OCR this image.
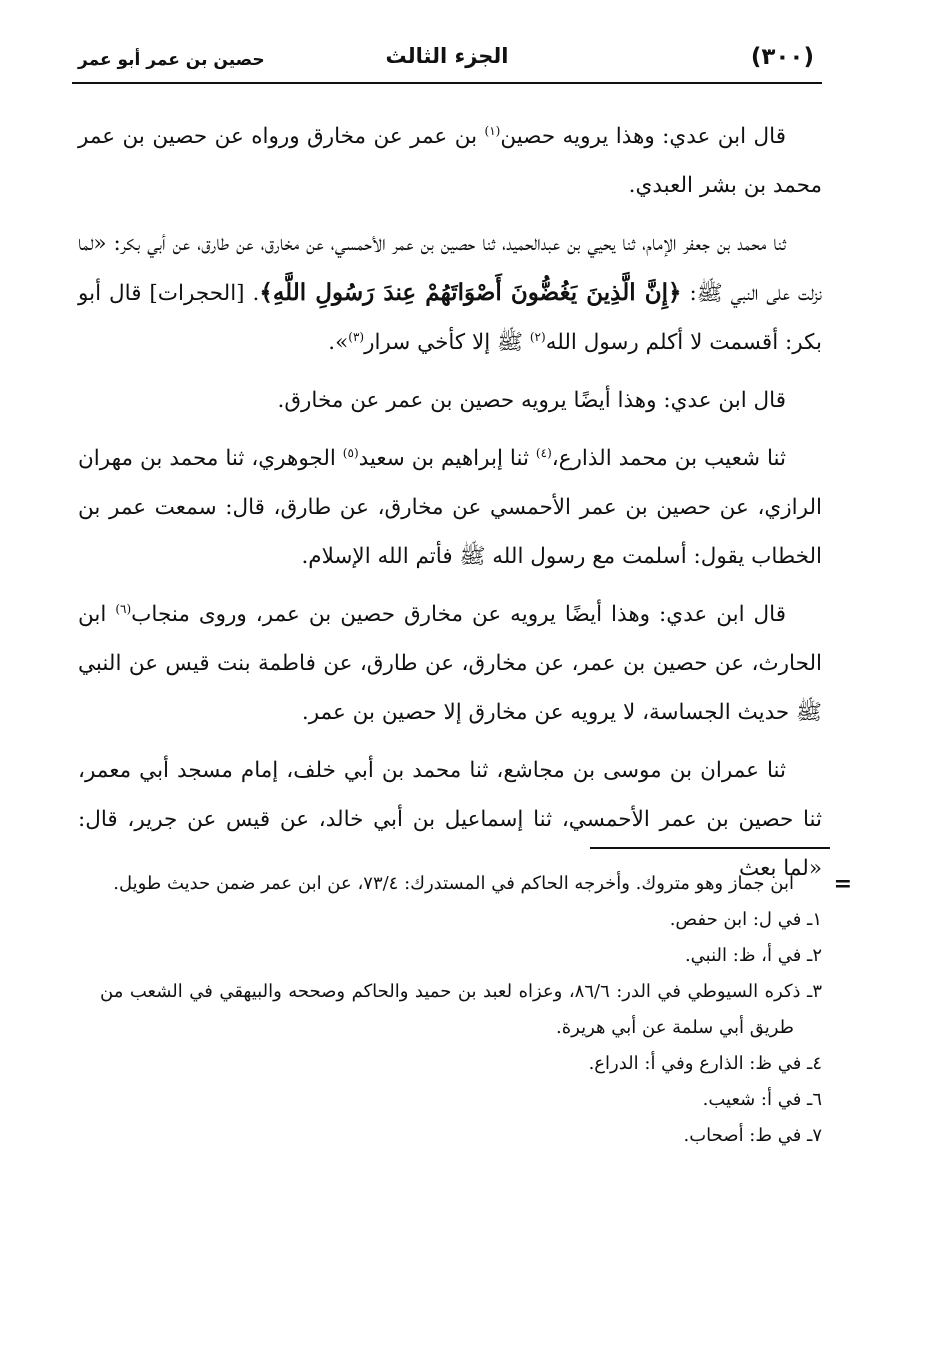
(٣٠٠)
الجزء الثالث
حصين بن عمر أبو عمر

قال ابن عدي: وهذا يرويه حصين$^{(١)}$ بن عمر عن مخارق ورواه عن حصين بن عمر محمد بن بشر العبدي.

ثنا محمد بن جعفر الإمام، ثنا يحيي بن عبدالحميد، ثنا حصين بن عمر الأحمسي، عن مخارق، عن طارق، عن أبي بكر: «لما نزلت على النبي ﷺ: ﴿إِنَّ الَّذِينَ يَغُضُّونَ أَصْوَاتَهُمْ عِندَ رَسُولِ اللَّهِ﴾. [الحجرات] قال أبو بكر: أقسمت لا أكلم رسول الله$^{(٢)}$ ﷺ إلا كأخي سرار$^{(٣)}$».

قال ابن عدي: وهذا أيضًا يرويه حصين بن عمر عن مخارق.

ثنا شعيب بن محمد الذارع،$^{(٤)}$ ثنا إبراهيم بن سعيد$^{(٥)}$ الجوهري، ثنا محمد بن مهران الرازي، عن حصين بن عمر الأحمسي عن مخارق، عن طارق، قال: سمعت عمر بن الخطاب يقول: أسلمت مع رسول الله ﷺ فأتم الله الإسلام.

قال ابن عدي: وهذا أيضًا يرويه عن مخارق حصين بن عمر، وروى منجاب$^{(٦)}$ ابن الحارث، عن حصين بن عمر، عن مخارق، عن طارق، عن فاطمة بنت قيس عن النبي ﷺ حديث الجساسة، لا يرويه عن مخارق إلا حصين بن عمر.

ثنا عمران بن موسى بن مجاشع، ثنا محمد بن أبي خلف، إمام مسجد أبي معمر، ثنا حصين بن عمر الأحمسي، ثنا إسماعيل بن أبي خالد، عن قيس عن جرير، قال: «لما بعث

=

ابن جماز وهو متروك. وأخرجه الحاكم في المستدرك: ٧٣/٤، عن ابن عمر ضمن حديث طويل.

١ـ في ل: ابن حفص.

٢ـ في أ، ظ: النبي.

٣ـ ذكره السيوطي في الدر: ٨٦/٦، وعزاه لعبد بن حميد والحاكم وصححه والبيهقي في الشعب من طريق أبي سلمة عن أبي هريرة.

٤ـ في ظ: الذارع وفي أ: الدراع.

٦ـ في أ: شعيب.

٧ـ في ط: أصحاب.
